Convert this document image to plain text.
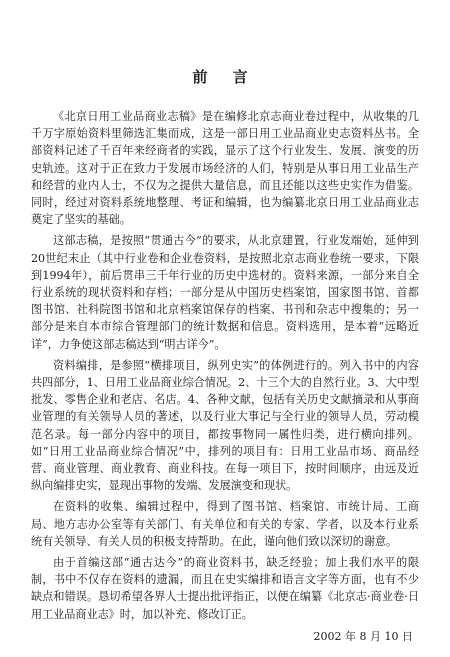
前 言

《北京日用工业品商业志稿》是在编修北京志商业卷过程中，从收集的几千万字原始资料里筛选汇集而成，这是一部日用工业品商业史志资料丛书。全部资料记述了千百年来经商者的实践，显示了这个行业发生、发展、演变的历史轨迹。这对于正在致力于发展市场经济的人们，特别是从事日用工业品生产和经营的业内人士，不仅为之提供大量信息，而且还能以这些史实作为借鉴。同时，经过对资料系统地整理、考证和编辑，也为编纂北京日用工业品商业志奠定了坚实的基础。

这部志稿，是按照“贯通古今”的要求，从北京建置，行业发端始，延伸到20世纪末止（其中行业卷和企业卷资料，是按照北京志商业卷统一要求，下限到1994年），前后贯串三千年行业的历史中选材的。资料来源，一部分来自全行业系统的现状资料和存档；一部分是从中国历史档案馆，国家图书馆、首都图书馆、社科院图书馆和北京档案馆保存的档案、书刊和杂志中搜集的；另一部分是来自本市综合管理部门的统计数据和信息。资料选用，是本着“远略近详”，力争使这部志稿达到“明古详今”。

资料编排，是参照“横排项目，纵列史实”的体例进行的。列入书中的内容共四部分，1、日用工业品商业综合情况。2、十三个大的自然行业。3、大中型批发、零售企业和老店、名店。4、各种文献，包括有关历史文献摘录和从事商业管理的有关领导人员的著述，以及行业大事记与全行业的领导人员，劳动模范名录。每一部分内容中的项目，都按事物同一属性归类，进行横向排列。如“日用工业品商业综合情况”中，排列的项目有：日用工业品市场、商品经营、商业管理、商业教育、商业科技。在每一项目下，按时间顺序，由远及近纵向编排史实，显现出事物的发端、发展演变和现状。

在资料的收集、编辑过程中，得到了图书馆、档案馆、市统计局、工商局、地方志办公室等有关部门、有关单位和有关的专家、学者，以及本行业系统有关领导、有关人员的积极支持帮助。在此，谨向他们致以深切的谢意。

由于首编这部“通古达今”的商业资料书，缺乏经验；加上我们水平的限制，书中不仅存在资料的遗漏，而且在史实编排和语言文字等方面，也有不少缺点和错误。恳切希望各界人士提出批评指正，以便在编纂《北京志·商业卷·日用工业品商业志》时，加以补充、修改订正。

2002 年 8 月 10 日
